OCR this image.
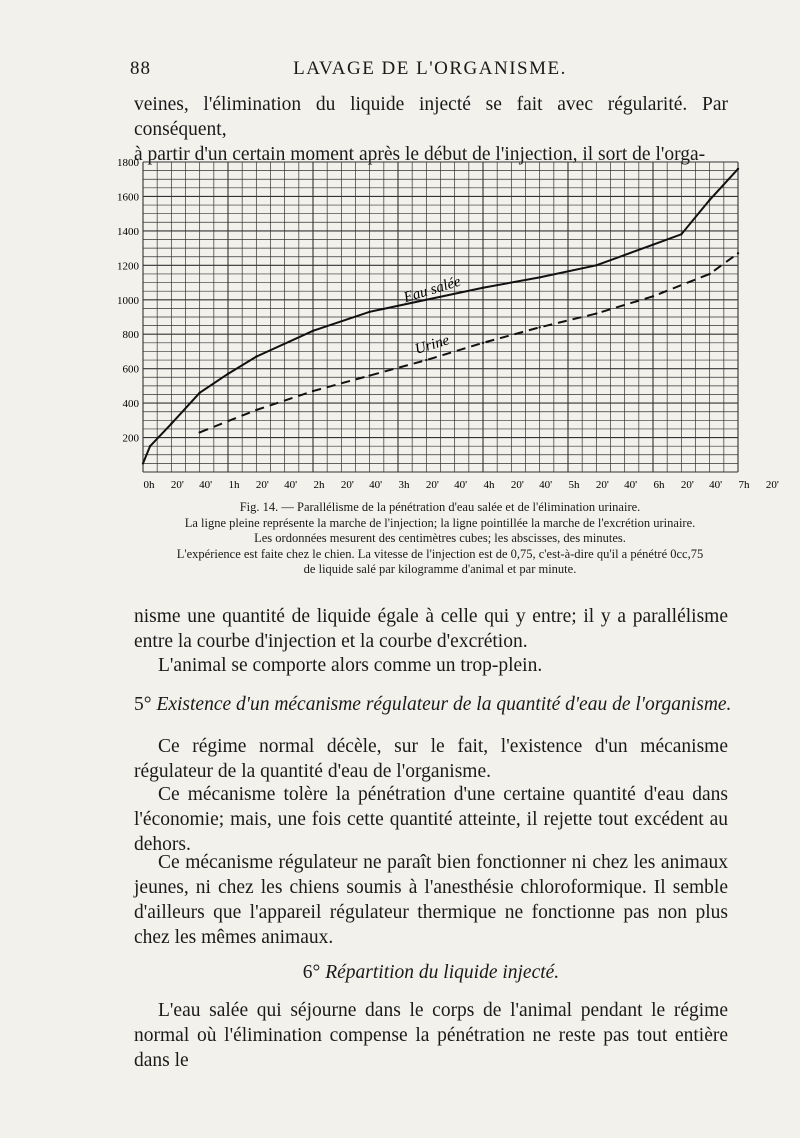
88	LAVAGE DE L'ORGANISME.
veines, l'élimination du liquide injecté se fait avec régularité. Par conséquent,
à partir d'un certain moment après le début de l'injection, il sort de l'orga-
200
400
600
800
1000
1200
1400
1600
1800
0h 20' 40' 1h 20' 40' 2h 20' 40' 3h 20' 40' 4h 20' 40' 5h 20' 40' 6h 20' 40' 7h 20'
Eau salée
Urine
Fig. 14. — Parallélisme de la pénétration d'eau salée et de l'élimination urinaire.
La ligne pleine représente la marche de l'injection; la ligne pointillée la marche de l'excrétion urinaire.
Les ordonnées mesurent des centimètres cubes; les abscisses, des minutes.
L'expérience est faite chez le chien. La vitesse de l'injection est de 0,75, c'est-à-dire qu'il a pénétré 0cc,75
de liquide salé par kilogramme d'animal et par minute.
nisme une quantité de liquide égale à celle qui y entre; il y a parallélisme entre la courbe d'injection et la courbe d'excrétion.
L'animal se comporte alors comme un trop-plein.
5° Existence d'un mécanisme régulateur de la quantité d'eau de l'organisme.
Ce régime normal décèle, sur le fait, l'existence d'un mécanisme régulateur de la quantité d'eau de l'organisme.
Ce mécanisme tolère la pénétration d'une certaine quantité d'eau dans l'économie; mais, une fois cette quantité atteinte, il rejette tout excédent au dehors.
Ce mécanisme régulateur ne paraît bien fonctionner ni chez les animaux jeunes, ni chez les chiens soumis à l'anesthésie chloroformique. Il semble d'ailleurs que l'appareil régulateur thermique ne fonctionne pas non plus chez les mêmes animaux.
6° Répartition du liquide injecté.
L'eau salée qui séjourne dans le corps de l'animal pendant le régime normal où l'élimination compense la pénétration ne reste pas tout entière dans le
